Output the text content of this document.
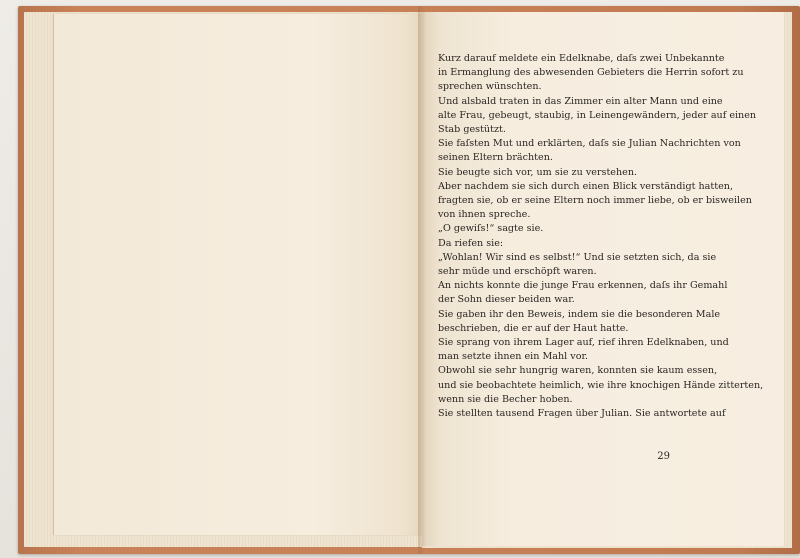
Kurz darauf meldete ein Edelknabe, daſs zwei Unbekannte

in Ermanglung des abwesenden Gebieters die Herrin sofort zu

sprechen wünschten.

Und alsbald traten in das Zimmer ein alter Mann und eine

alte Frau, gebeugt, staubig, in Leinengewändern, jeder auf einen

Stab gestützt.

Sie faſsten Mut und erklärten, daſs sie Julian Nachrichten von

seinen Eltern brächten.

Sie beugte sich vor, um sie zu verstehen.

Aber nachdem sie sich durch einen Blick verständigt hatten,

fragten sie, ob er seine Eltern noch immer liebe, ob er bisweilen

von ihnen spreche.

„O gewiſs!“ sagte sie.

Da riefen sie:

„Wohlan! Wir sind es selbst!“ Und sie setzten sich, da sie

sehr müde und erschöpft waren.

An nichts konnte die junge Frau erkennen, daſs ihr Gemahl

der Sohn dieser beiden war.

Sie gaben ihr den Beweis, indem sie die besonderen Male

beschrieben, die er auf der Haut hatte.

Sie sprang von ihrem Lager auf, rief ihren Edelknaben, und

man setzte ihnen ein Mahl vor.

Obwohl sie sehr hungrig waren, konnten sie kaum essen,

und sie beobachtete heimlich, wie ihre knochigen Hände zitterten,

wenn sie die Becher hoben.

Sie stellten tausend Fragen über Julian. Sie antwortete auf

29
